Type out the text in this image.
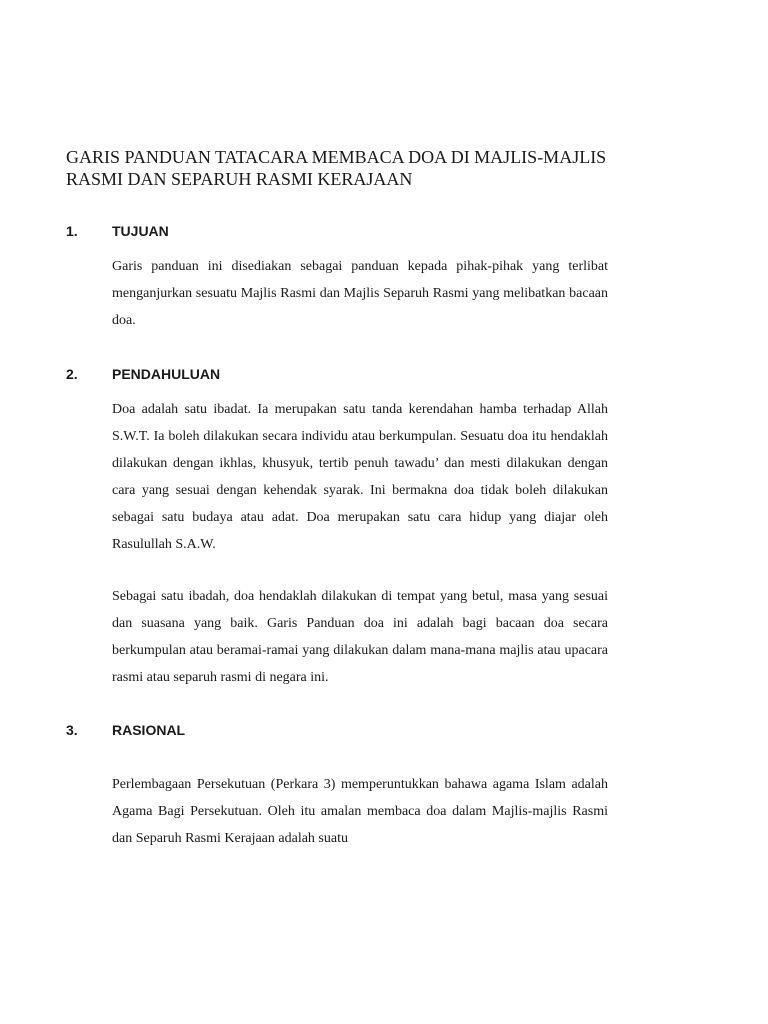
GARIS PANDUAN TATACARA MEMBACA DOA DI MAJLIS-MAJLIS
RASMI DAN SEPARUH RASMI KERAJAAN
1. TUJUAN

Garis panduan ini disediakan sebagai panduan kepada pihak-pihak yang terlibat menganjurkan sesuatu Majlis Rasmi dan Majlis Separuh Rasmi yang melibatkan bacaan doa.

2. PENDAHULUAN

Doa adalah satu ibadat. Ia merupakan satu tanda kerendahan hamba terhadap Allah S.W.T. Ia boleh dilakukan secara individu atau berkumpulan. Sesuatu doa itu hendaklah dilakukan dengan ikhlas, khusyuk, tertib penuh tawadu’ dan mesti dilakukan dengan cara yang sesuai dengan kehendak syarak. Ini bermakna doa tidak boleh dilakukan sebagai satu budaya atau adat. Doa merupakan satu cara hidup yang diajar oleh Rasulullah S.A.W.

Sebagai satu ibadah, doa hendaklah dilakukan di tempat yang betul, masa yang sesuai dan suasana yang baik. Garis Panduan doa ini adalah bagi bacaan doa secara berkumpulan atau beramai-ramai yang dilakukan dalam mana-mana majlis atau upacara rasmi atau separuh rasmi di negara ini.

3. RASIONAL

Perlembagaan Persekutuan (Perkara 3) memperuntukkan bahawa agama Islam adalah Agama Bagi Persekutuan. Oleh itu amalan membaca doa dalam Majlis-majlis Rasmi dan Separuh Rasmi Kerajaan adalah suatu
